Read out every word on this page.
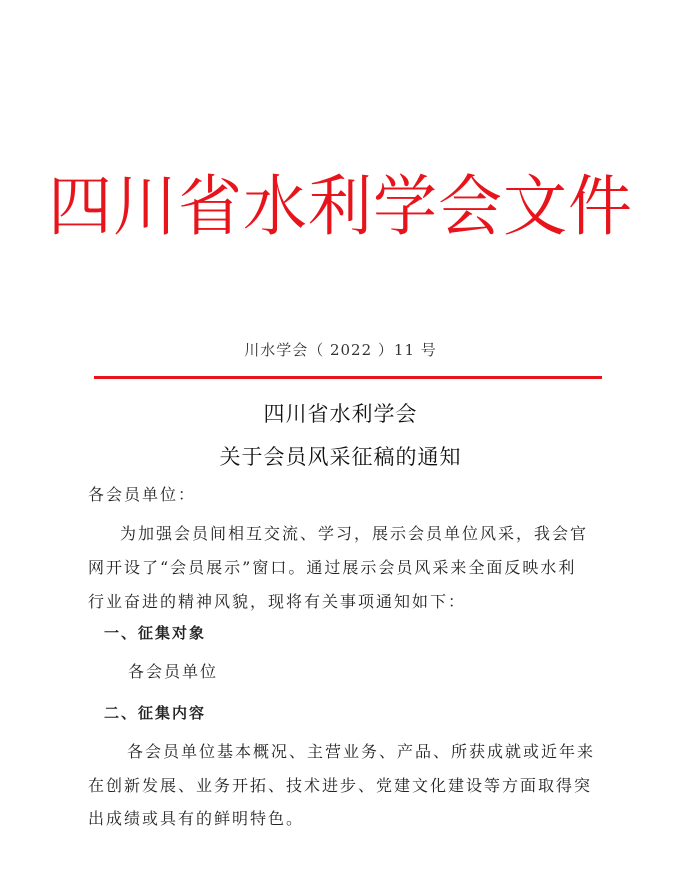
四川省水利学会文件
川水学会（ 2022 ）11 号
四川省水利学会
关于会员风采征稿的通知
各会员单位：
为加强会员间相互交流、学习，展示会员单位风采，我会官
网开设了“会员展示”窗口。通过展示会员风采来全面反映水利
行业奋进的精神风貌，现将有关事项通知如下：
一、征集对象
各会员单位
二、征集内容
各会员单位基本概况、主营业务、产品、所获成就或近年来
在创新发展、业务开拓、技术进步、党建文化建设等方面取得突
出成绩或具有的鲜明特色。
